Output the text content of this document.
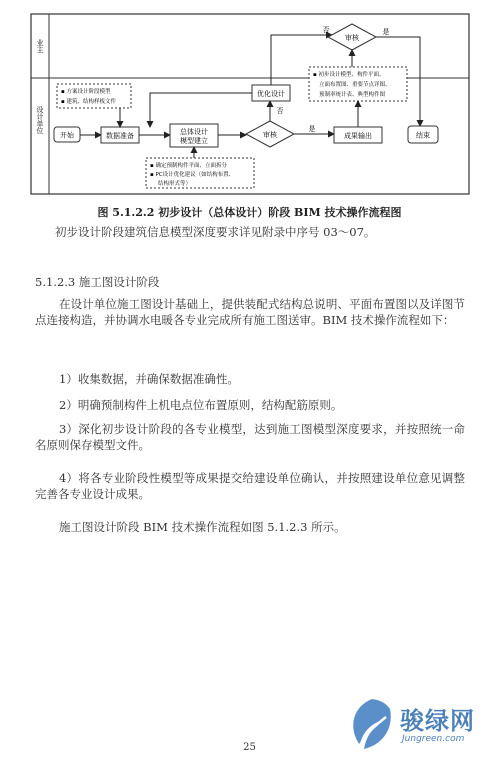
业主
设计单位
▪ 方案设计阶段模型
▪ 建筑、结构样板文件
开始	数据准备	总体设计
模型建立
▪ 确定预制构件平面、立面拆分
▪ PC设计优化建议（如结构布置、
结构形式等）
审核
是
否
优化设计
否
审核
是
成果输出
▪ 初步设计模型、构件平面、
立面布置图、重要节点详图、
预制率统计表、典型构件图
结束
图 5.1.2.2 初步设计（总体设计）阶段 BIM 技术操作流程图
初步设计阶段建筑信息模型深度要求详见附录中序号 03～07。
5.1.2.3 施工图设计阶段
在设计单位施工图设计基础上，提供装配式结构总说明、平面布置图以及详图节点连接构造，并协调水电暖各专业完成所有施工图送审。BIM 技术操作流程如下：
1）收集数据，并确保数据准确性。
2）明确预制构件上机电点位布置原则，结构配筋原则。
3）深化初步设计阶段的各专业模型，达到施工图模型深度要求，并按照统一命名原则保存模型文件。
4）将各专业阶段性模型等成果提交给建设单位确认，并按照建设单位意见调整完善各专业设计成果。
施工图设计阶段 BIM 技术操作流程如图 5.1.2.3 所示。
骏绿网
Jungreen.com
25
